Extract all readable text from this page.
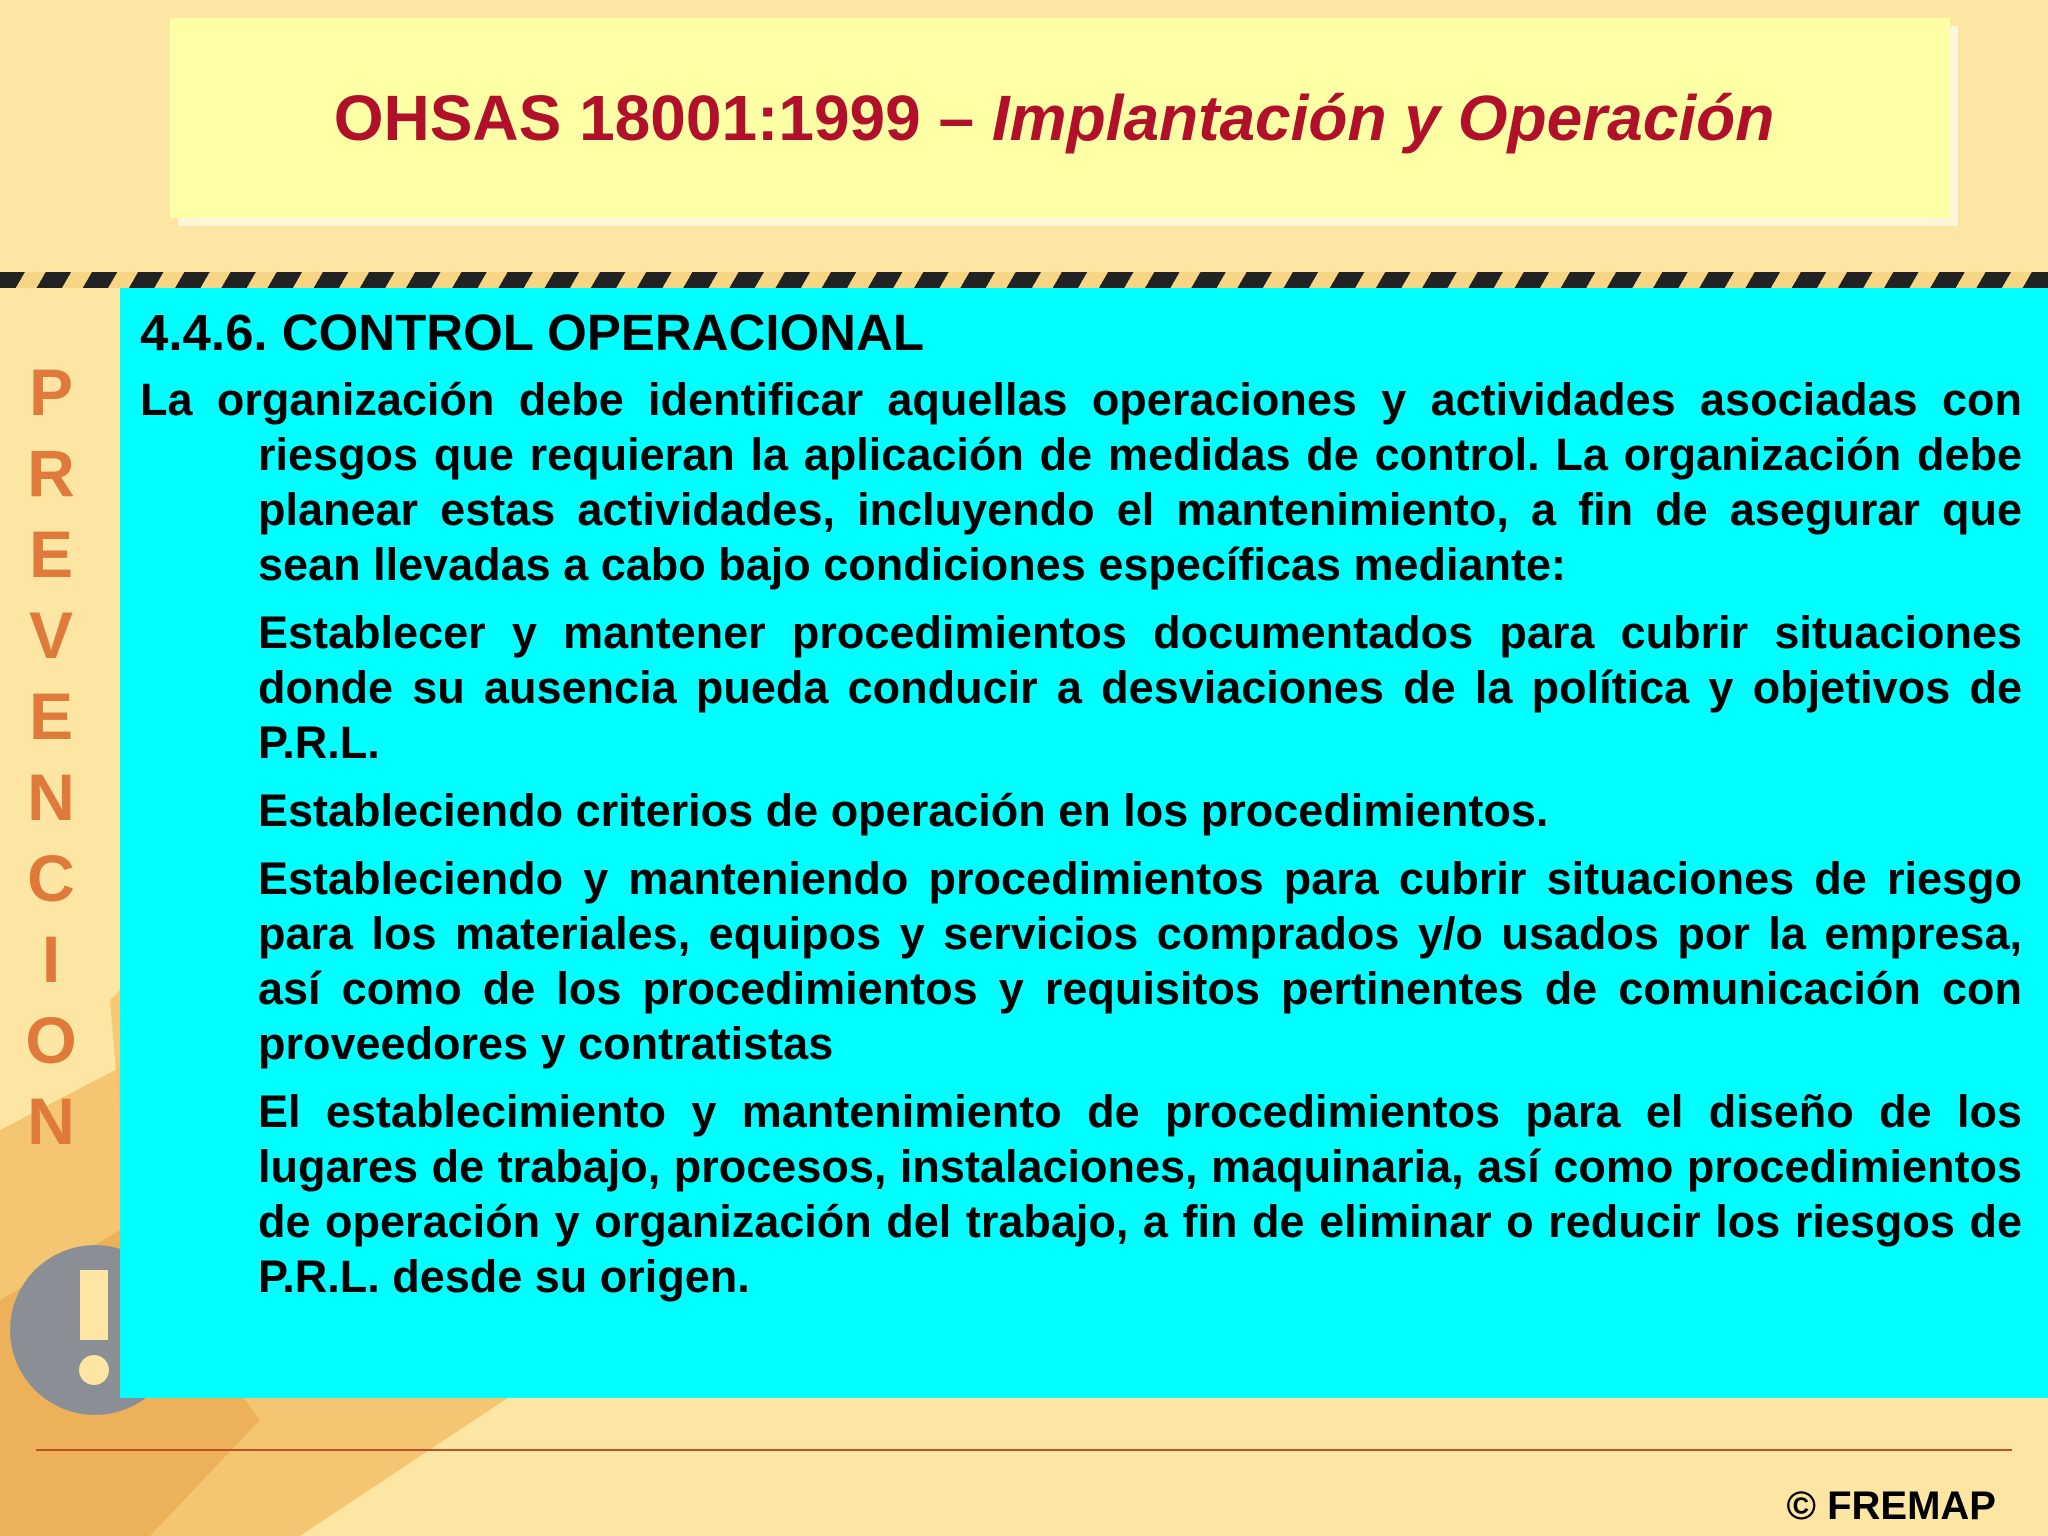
OHSAS 18001:1999 – Implantación y Operación
P
R
E
V
E
N
C
I
O
N
4.4.6. CONTROL OPERACIONAL

La organización debe identificar aquellas operaciones y actividades asociadas con riesgos que requieran la aplicación de medidas de control. La organización debe planear estas actividades, incluyendo el mantenimiento, a fin de asegurar que sean llevadas a cabo bajo condiciones específicas mediante:

Establecer y mantener procedimientos documentados para cubrir situaciones donde su ausencia pueda conducir a desviaciones de la política y objetivos de P.R.L.

Estableciendo criterios de operación en los procedimientos.

Estableciendo y manteniendo procedimientos para cubrir situaciones de riesgo para los materiales, equipos y servicios comprados y/o usados por la empresa, así como de los procedimientos y requisitos pertinentes de comunicación con proveedores y contratistas

El establecimiento y mantenimiento de procedimientos para el diseño de los lugares de trabajo, procesos, instalaciones, maquinaria, así como procedimientos de operación y organización del trabajo, a fin de eliminar o reducir los riesgos de P.R.L. desde su origen.

© FREMAP
